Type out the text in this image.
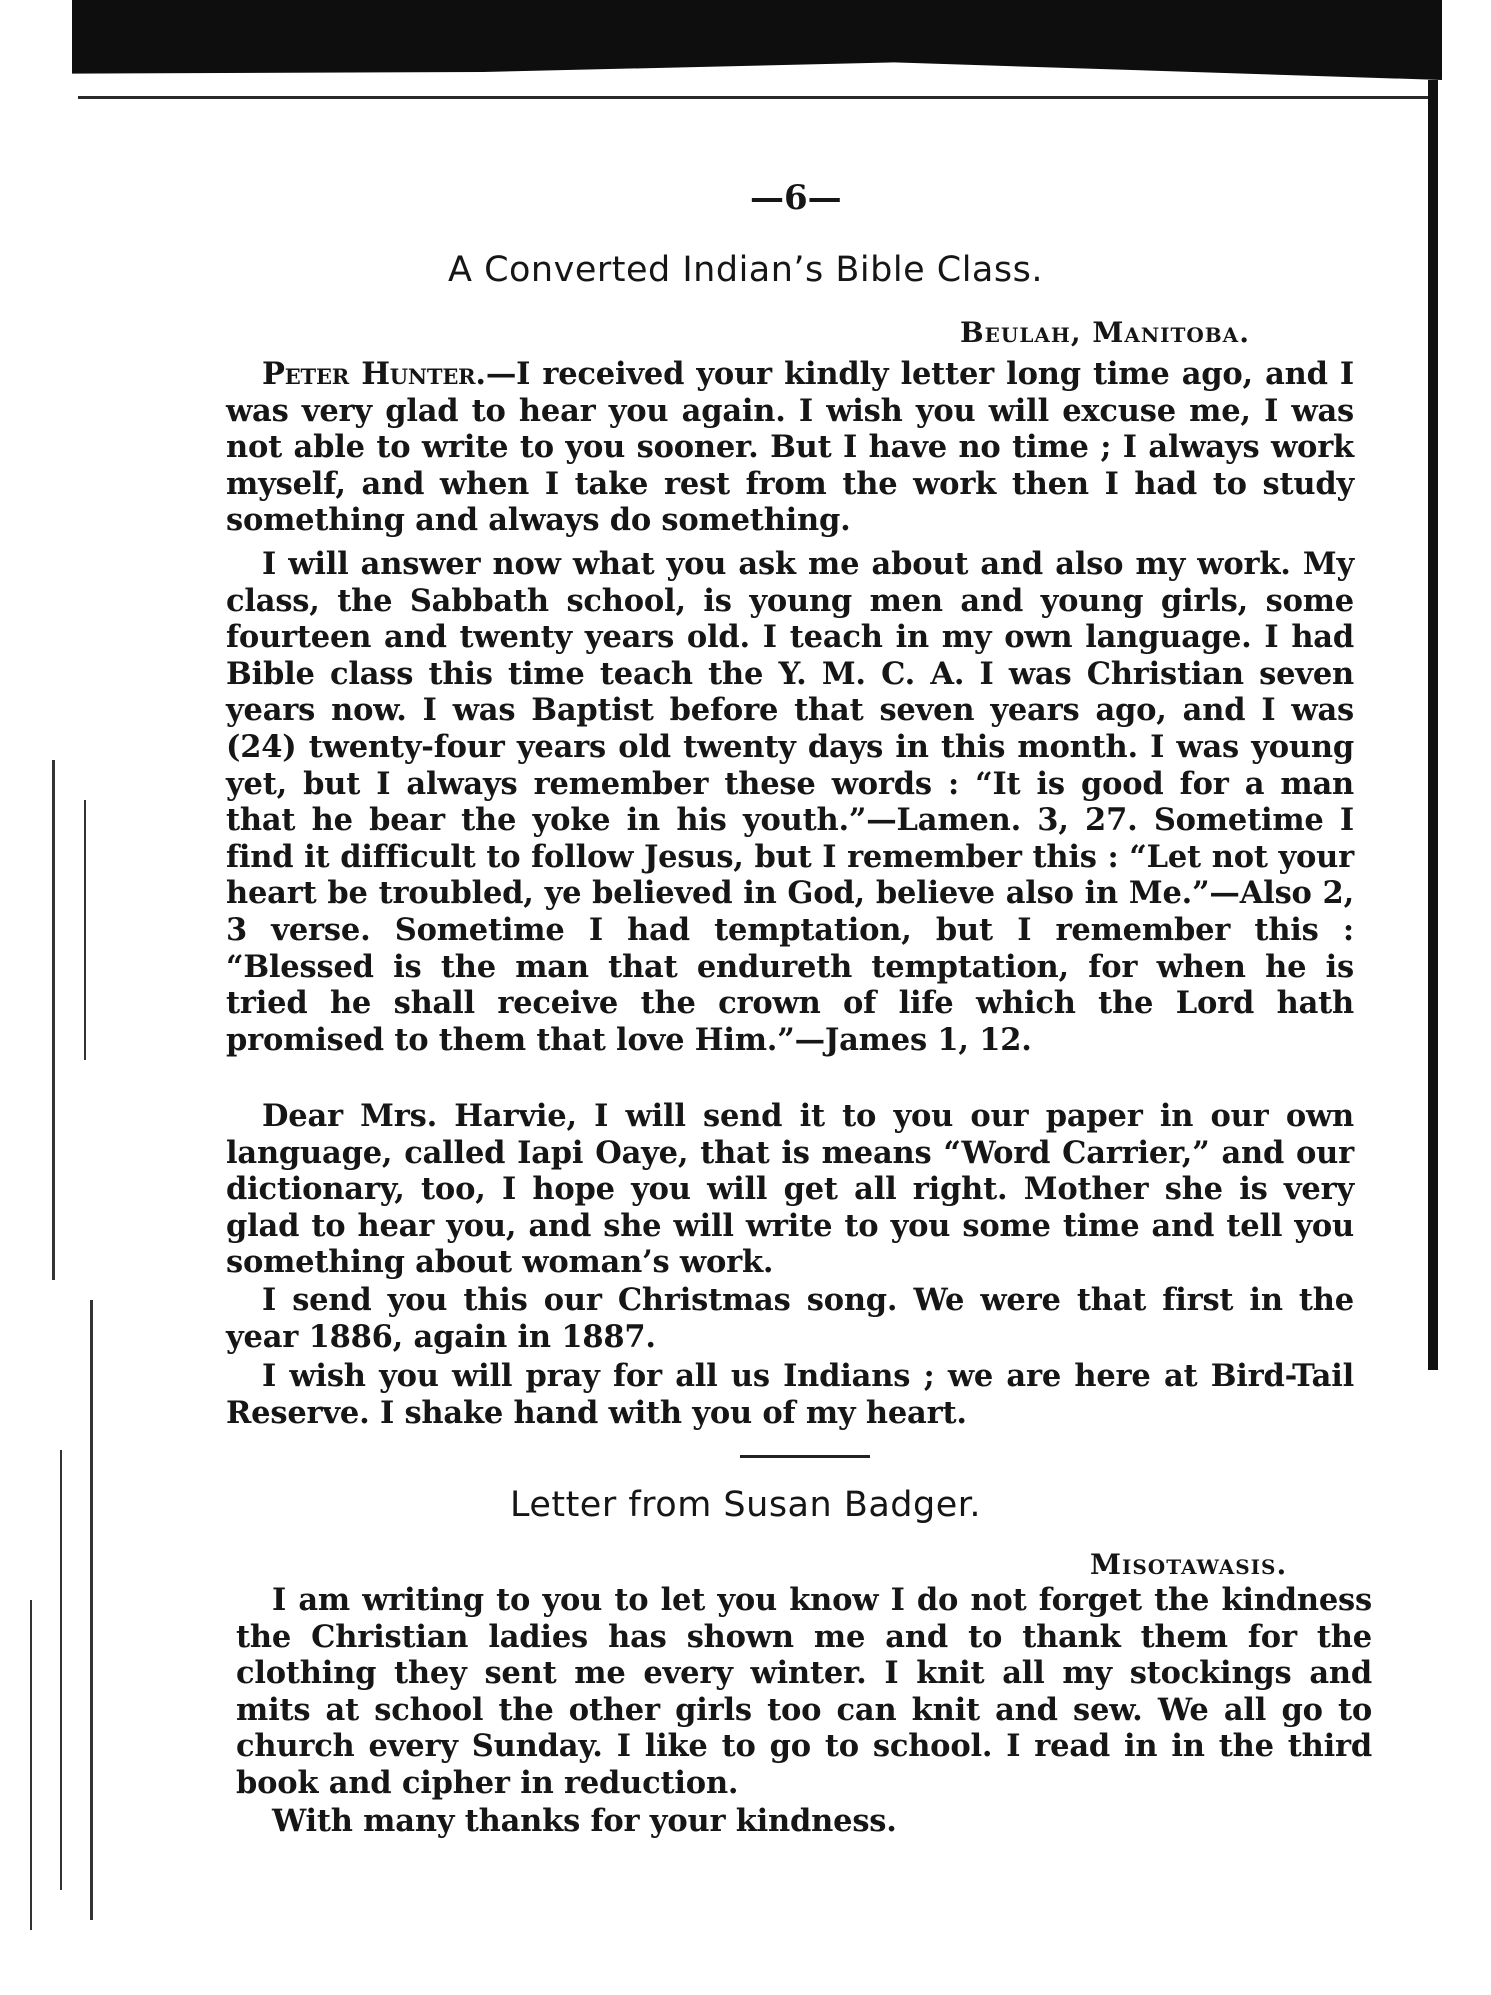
—6—
A Converted Indian’s Bible Class.
Beulah, Manitoba.

Peter Hunter.—I received your kindly letter long time ago, and I was very glad to hear you again. I wish you will excuse me, I was not able to write to you sooner. But I have no time ; I always work myself, and when I take rest from the work then I had to study something and always do something.

I will answer now what you ask me about and also my work. My class, the Sabbath school, is young men and young girls, some fourteen and twenty years old. I teach in my own language. I had Bible class this time teach the Y. M. C. A. I was Christian seven years now. I was Baptist before that seven years ago, and I was (24) twenty-four years old twenty days in this month. I was young yet, but I always remember these words : “It is good for a man that he bear the yoke in his youth.”—Lamen. 3, 27. Sometime I find it difficult to follow Jesus, but I remember this : “Let not your heart be troubled, ye believed in God, believe also in Me.”—Also 2, 3 verse. Sometime I had temptation, but I remember this : “Blessed is the man that endureth temptation, for when he is tried he shall receive the crown of life which the Lord hath promised to them that love Him.”—James 1, 12.

Dear Mrs. Harvie, I will send it to you our paper in our own language, called Iapi Oaye, that is means “Word Carrier,” and our dictionary, too, I hope you will get all right. Mother she is very glad to hear you, and she will write to you some time and tell you something about woman’s work.

I send you this our Christmas song. We were that first in the year 1886, again in 1887.

I wish you will pray for all us Indians ; we are here at Bird-Tail Reserve. I shake hand with you of my heart.

Letter from Susan Badger.
Misotawasis.

I am writing to you to let you know I do not forget the kindness the Christian ladies has shown me and to thank them for the clothing they sent me every winter. I knit all my stockings and mits at school the other girls too can knit and sew. We all go to church every Sunday. I like to go to school. I read in in the third book and cipher in reduction.

With many thanks for your kindness.
